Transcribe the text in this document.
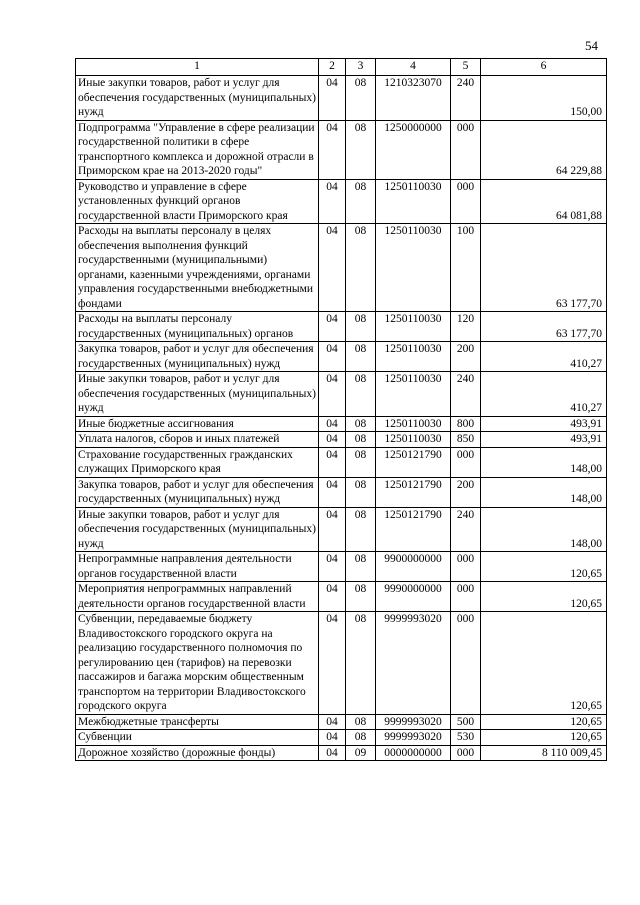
54
1	2	3	4	5	6
Иные закупки товаров, работ и услуг для обеспечения государственных (муниципальных) нужд	04	08	1210323070	240	150,00
Подпрограмма "Управление в сфере реализации государственной политики в сфере транспортного комплекса и дорожной отрасли в Приморском крае на 2013-2020 годы"	04	08	1250000000	000	64 229,88
Руководство и управление в сфере установленных функций органов государственной власти Приморского края	04	08	1250110030	000	64 081,88
Расходы на выплаты персоналу в целях обеспечения выполнения функций государственными (муниципальными) органами, казенными учреждениями, органами управления государственными внебюджетными фондами	04	08	1250110030	100	63 177,70
Расходы на выплаты персоналу государственных (муниципальных) органов	04	08	1250110030	120	63 177,70
Закупка товаров, работ и услуг для обеспечения государственных (муниципальных) нужд	04	08	1250110030	200	410,27
Иные закупки товаров, работ и услуг для обеспечения государственных (муниципальных) нужд	04	08	1250110030	240	410,27
Иные бюджетные ассигнования	04	08	1250110030	800	493,91
Уплата налогов, сборов и иных платежей	04	08	1250110030	850	493,91
Страхование государственных гражданских служащих Приморского края	04	08	1250121790	000	148,00
Закупка товаров, работ и услуг для обеспечения государственных (муниципальных) нужд	04	08	1250121790	200	148,00
Иные закупки товаров, работ и услуг для обеспечения государственных (муниципальных) нужд	04	08	1250121790	240	148,00
Непрограммные направления деятельности органов государственной власти	04	08	9900000000	000	120,65
Мероприятия непрограммных направлений деятельности органов государственной власти	04	08	9990000000	000	120,65
Субвенции, передаваемые бюджету Владивостокского городского округа на реализацию государственного полномочия по регулированию цен (тарифов) на перевозки пассажиров и багажа морским общественным транспортом на территории Владивостокского городского округа	04	08	9999993020	000	120,65
Межбюджетные трансферты	04	08	9999993020	500	120,65
Субвенции	04	08	9999993020	530	120,65
Дорожное хозяйство (дорожные фонды)	04	09	0000000000	000	8 110 009,45
